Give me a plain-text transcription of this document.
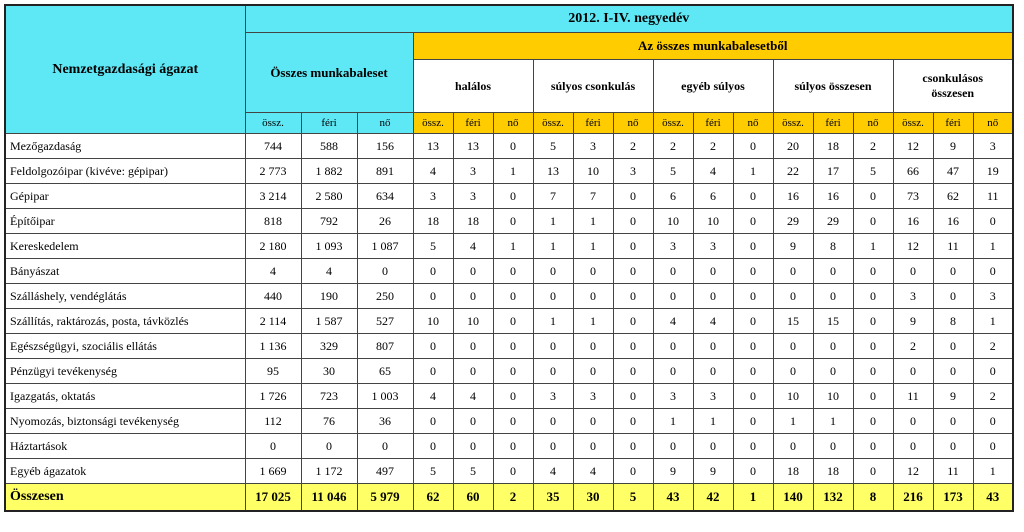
Nemzetgazdasági ágazat	2012. I-IV. negyedév																	
	Összes munkabaleset			Az összes munkabalesetből														
				halálos			súlyos csonkulás			egyéb súlyos			súlyos összesen			csonkulásos összesen		
	össz.	féri	nő	össz.	féri	nő	össz.	féri	nő	össz.	féri	nő	össz.	féri	nő	össz.	féri	nő
Mezőgazdaság	744	588	156	13	13	0	5	3	2	2	2	0	20	18	2	12	9	3
Feldolgozóipar (kivéve: gépipar)	2 773	1 882	891	4	3	1	13	10	3	5	4	1	22	17	5	66	47	19
Gépipar	3 214	2 580	634	3	3	0	7	7	0	6	6	0	16	16	0	73	62	11
Építőipar	818	792	26	18	18	0	1	1	0	10	10	0	29	29	0	16	16	0
Kereskedelem	2 180	1 093	1 087	5	4	1	1	1	0	3	3	0	9	8	1	12	11	1
Bányászat	4	4	0	0	0	0	0	0	0	0	0	0	0	0	0	0	0	0
Szálláshely, vendéglátás	440	190	250	0	0	0	0	0	0	0	0	0	0	0	0	3	0	3
Szállítás, raktározás, posta, távközlés	2 114	1 587	527	10	10	0	1	1	0	4	4	0	15	15	0	9	8	1
Egészségügyi, szociális ellátás	1 136	329	807	0	0	0	0	0	0	0	0	0	0	0	0	2	0	2
Pénzügyi tevékenység	95	30	65	0	0	0	0	0	0	0	0	0	0	0	0	0	0	0
Igazgatás, oktatás	1 726	723	1 003	4	4	0	3	3	0	3	3	0	10	10	0	11	9	2
Nyomozás, biztonsági tevékenység	112	76	36	0	0	0	0	0	0	1	1	0	1	1	0	0	0	0
Háztartások	0	0	0	0	0	0	0	0	0	0	0	0	0	0	0	0	0	0
Egyéb ágazatok	1 669	1 172	497	5	5	0	4	4	0	9	9	0	18	18	0	12	11	1
Összesen	17 025	11 046	5 979	62	60	2	35	30	5	43	42	1	140	132	8	216	173	43
